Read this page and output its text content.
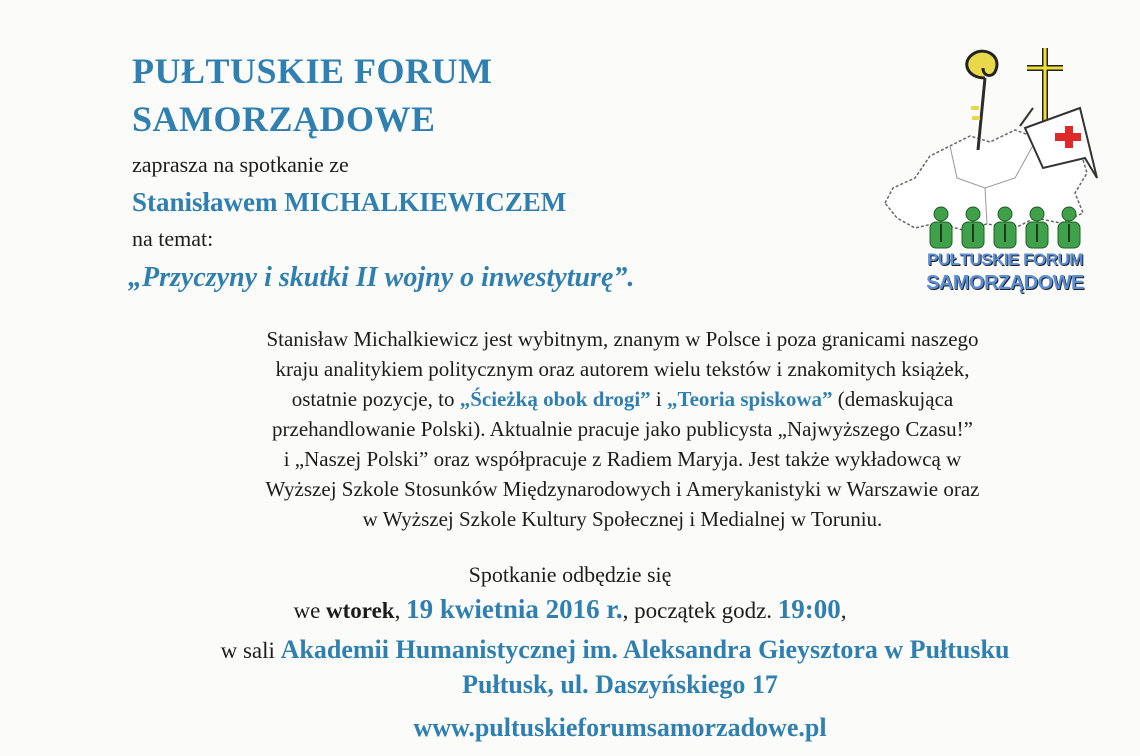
PUŁTUSKIE FORUM
SAMORZĄDOWE
zaprasza na spotkanie ze
Stanisławem MICHALKIEWICZEM
na temat:
„Przyczyny i skutki II wojny o inwestyturę”.
PUŁTUSKIE FORUM
SAMORZĄDOWE
Stanisław Michalkiewicz jest wybitnym, znanym w Polsce i poza granicami naszego
kraju analitykiem politycznym oraz autorem wielu tekstów i znakomitych książek,
ostatnie pozycje, to „Ścieżką obok drogi” i „Teoria spiskowa” (demaskująca
przehandlowanie Polski). Aktualnie pracuje jako publicysta „Najwyższego Czasu!”
i „Naszej Polski” oraz współpracuje z Radiem Maryja. Jest także wykładowcą w
Wyższej Szkole Stosunków Międzynarodowych i Amerykanistyki w Warszawie oraz
w Wyższej Szkole Kultury Społecznej i Medialnej w Toruniu.
Spotkanie odbędzie się
we wtorek, 19 kwietnia 2016 r., początek godz. 19:00,
w sali Akademii Humanistycznej im. Aleksandra Gieysztora w Pułtusku
Pułtusk, ul. Daszyńskiego 17
www.pultuskieforumsamorzadowe.pl
